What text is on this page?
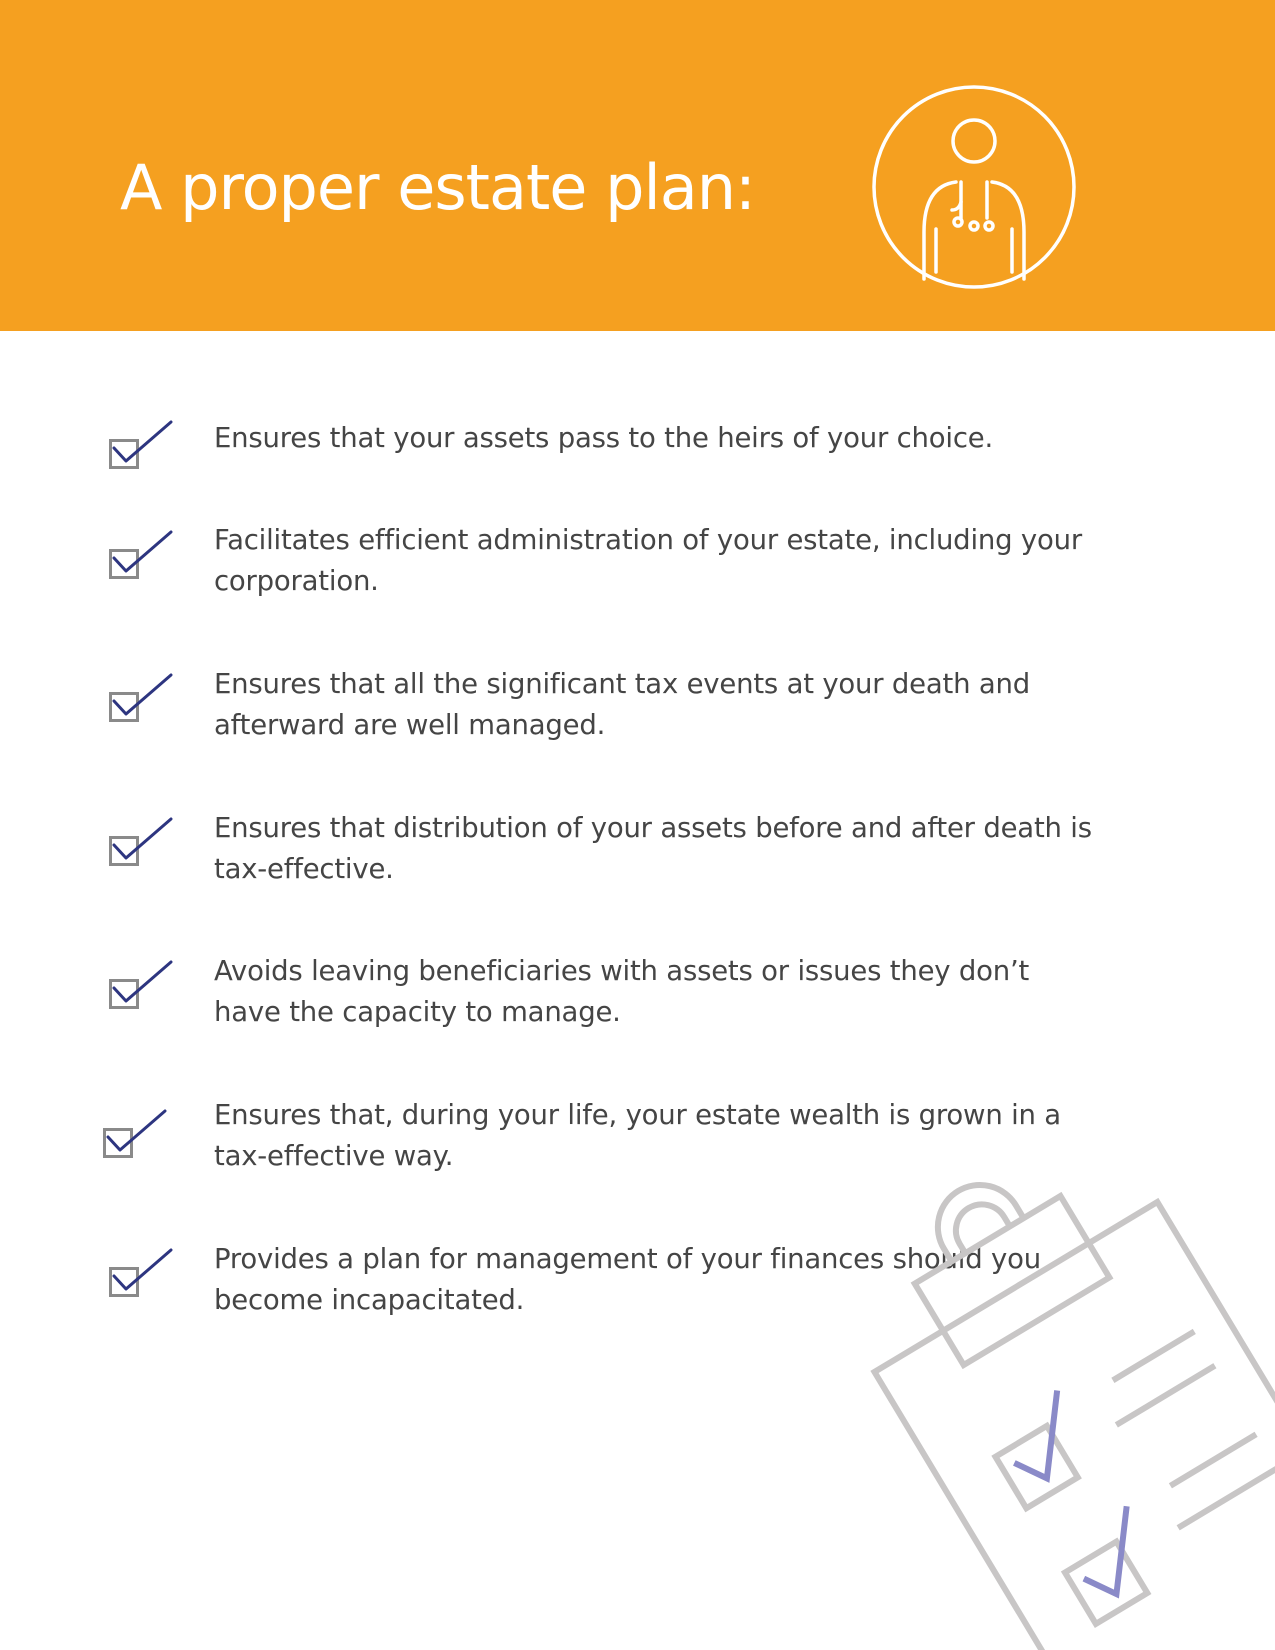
A proper estate plan:
Ensures that your assets pass to the heirs of your choice.
Facilitates efficient administration of your estate, including your corporation.
Ensures that all the significant tax events at your death and afterward are well managed.
Ensures that distribution of your assets before and after death is tax-effective.
Avoids leaving beneficiaries with assets or issues they don’t have the capacity to manage.
Ensures that, during your life, your estate wealth is grown in a tax-effective way.
Provides a plan for management of your finances should you become incapacitated.
